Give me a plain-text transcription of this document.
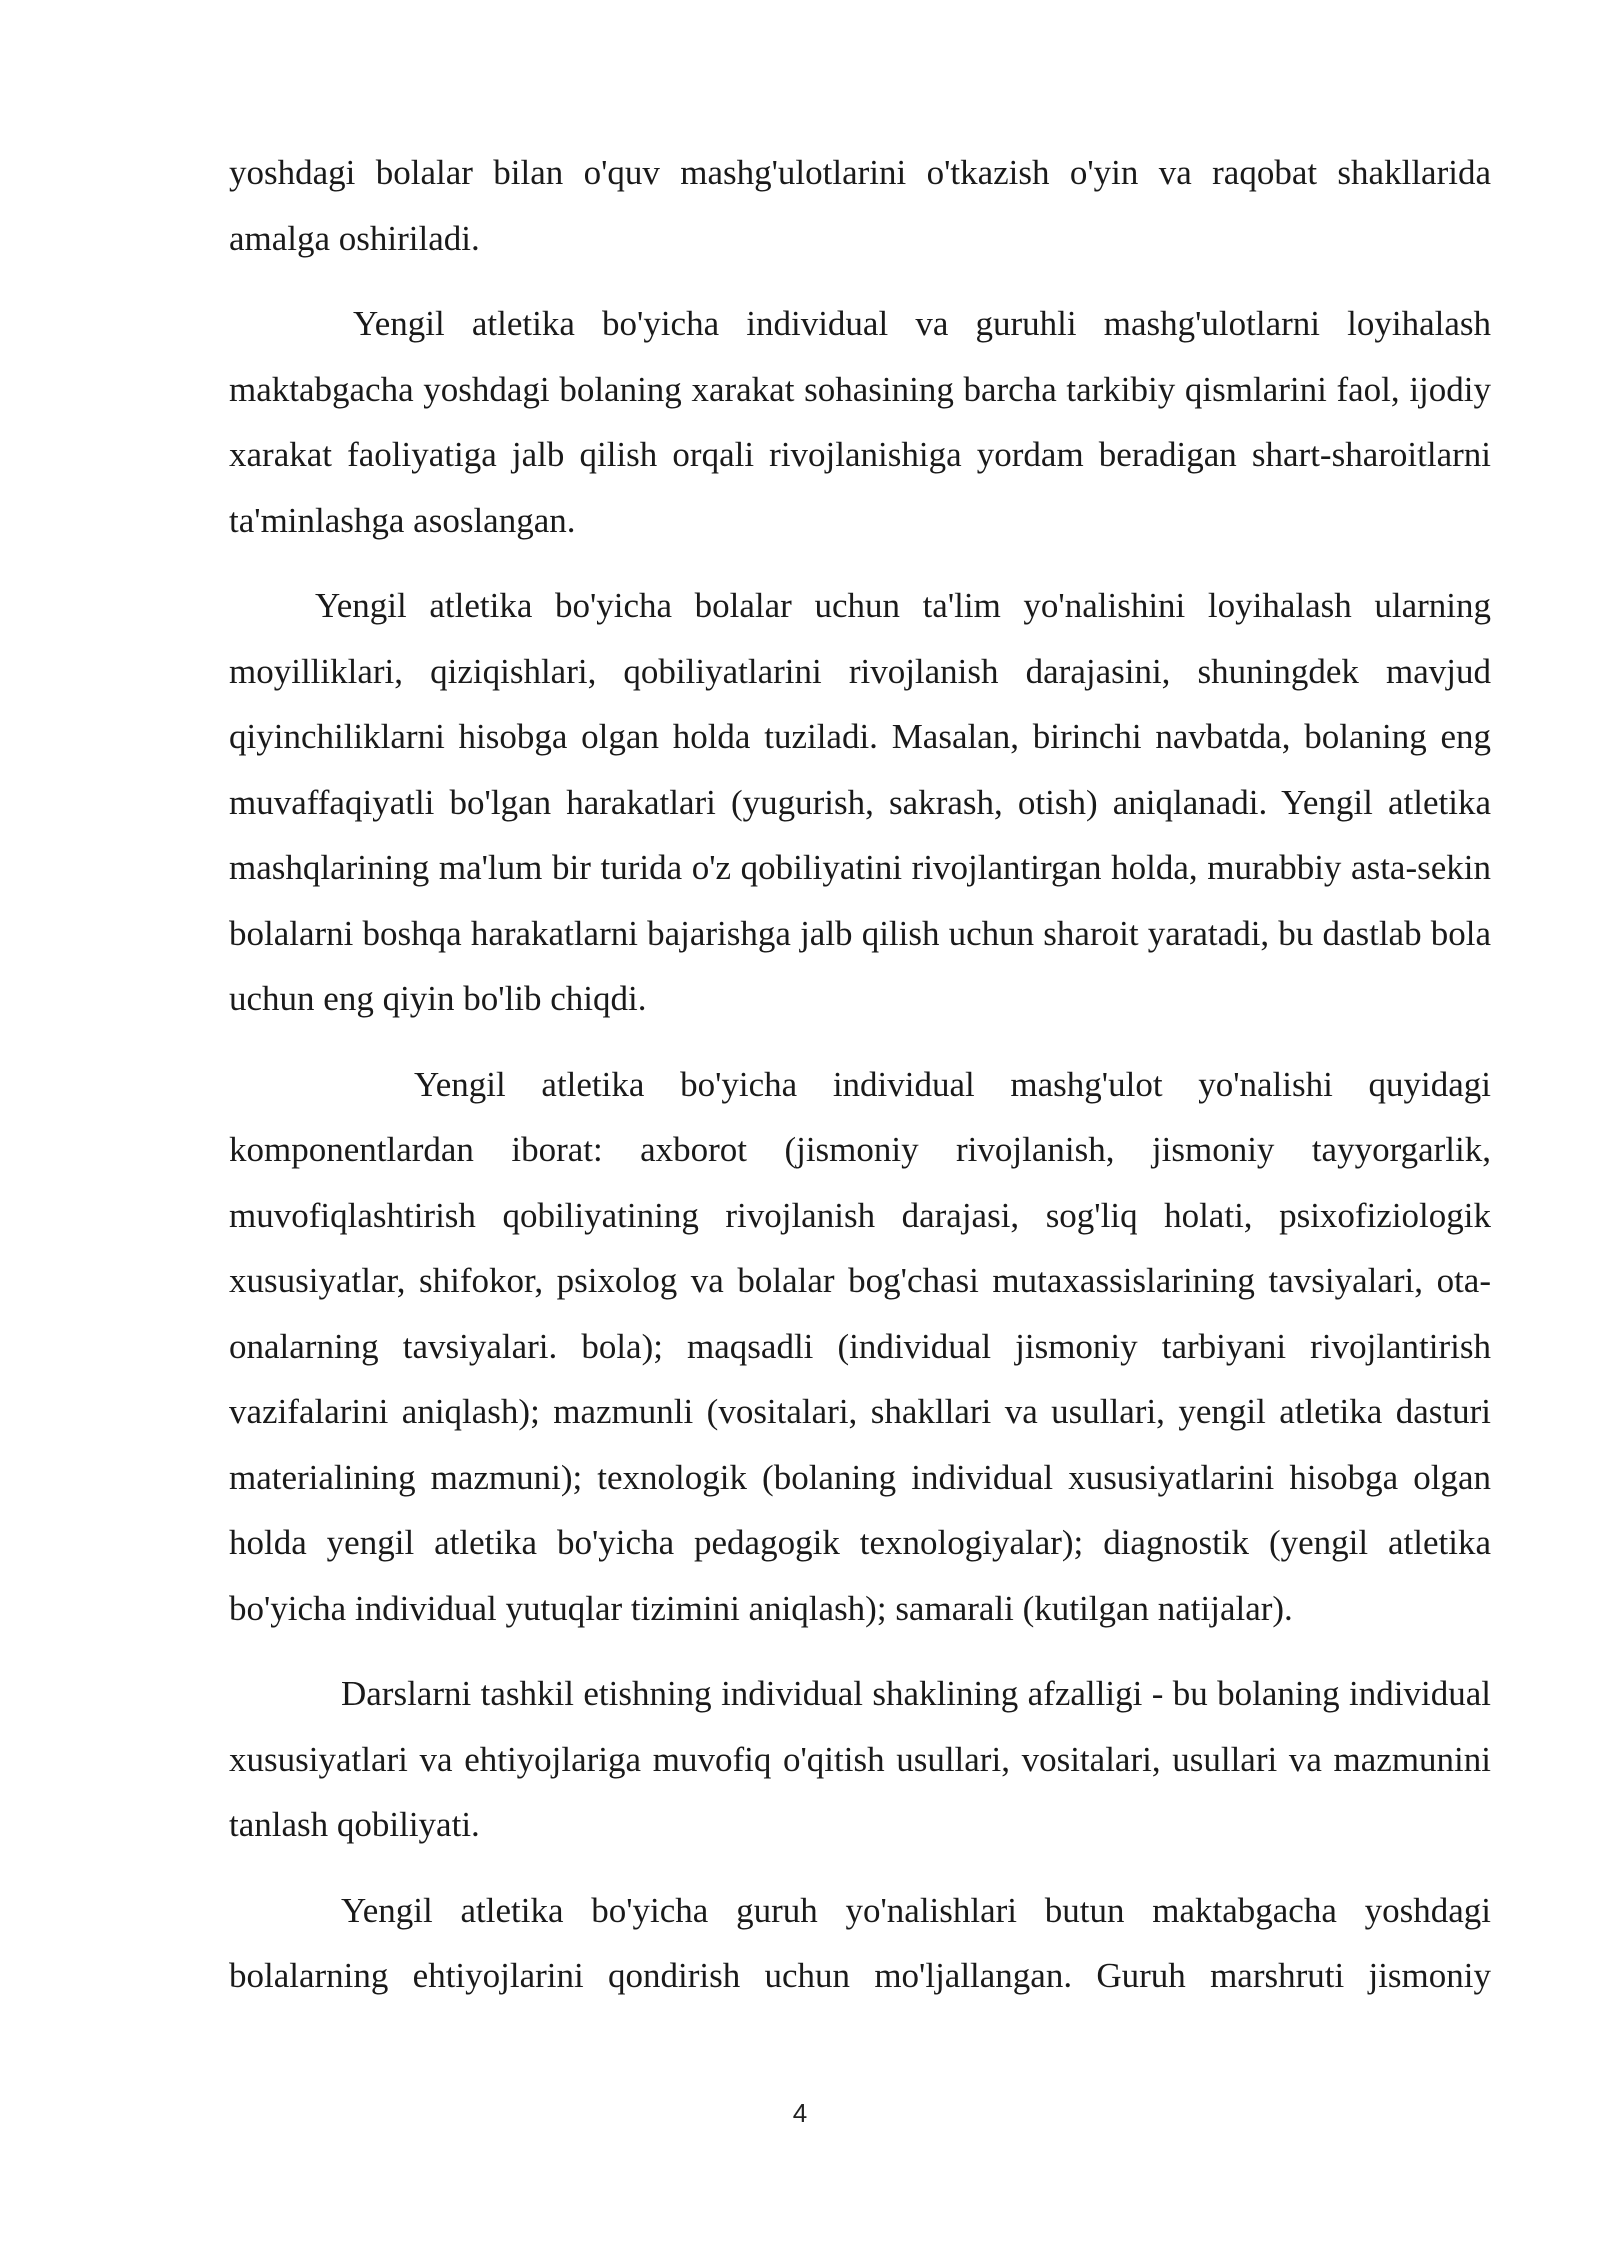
yoshdagi bolalar bilan o'quv mashg'ulotlarini o'tkazish o'yin va raqobat shakllarida amalga oshiriladi.

Yengil atletika bo'yicha individual va guruhli mashg'ulotlarni loyihalash maktabgacha yoshdagi bolaning xarakat sohasining barcha tarkibiy qismlarini faol, ijodiy xarakat faoliyatiga jalb qilish orqali rivojlanishiga yordam beradigan shart-sharoitlarni ta'minlashga asoslangan.

Yengil atletika bo'yicha bolalar uchun ta'lim yo'nalishini loyihalash ularning moyilliklari, qiziqishlari, qobiliyatlarini rivojlanish darajasini, shuningdek mavjud qiyinchiliklarni hisobga olgan holda tuziladi. Masalan, birinchi navbatda, bolaning eng muvaffaqiyatli bo'lgan harakatlari (yugurish, sakrash, otish) aniqlanadi. Yengil atletika mashqlarining ma'lum bir turida o'z qobiliyatini rivojlantirgan holda, murabbiy asta-sekin bolalarni boshqa harakatlarni bajarishga jalb qilish uchun sharoit yaratadi, bu dastlab bola uchun eng qiyin bo'lib chiqdi.

Yengil atletika bo'yicha individual mashg'ulot yo'nalishi quyidagi komponentlardan iborat: axborot (jismoniy rivojlanish, jismoniy tayyorgarlik, muvofiqlashtirish qobiliyatining rivojlanish darajasi, sog'liq holati, psixofiziologik xususiyatlar, shifokor, psixolog va bolalar bog'chasi mutaxassislarining tavsiyalari, ota-onalarning tavsiyalari. bola); maqsadli (individual jismoniy tarbiyani rivojlantirish vazifalarini aniqlash); mazmunli (vositalari, shakllari va usullari, yengil atletika dasturi materialining mazmuni); texnologik (bolaning individual xususiyatlarini hisobga olgan holda yengil atletika bo'yicha pedagogik texnologiyalar); diagnostik (yengil atletika bo'yicha individual yutuqlar tizimini aniqlash); samarali (kutilgan natijalar).

Darslarni tashkil etishning individual shaklining afzalligi - bu bolaning individual xususiyatlari va ehtiyojlariga muvofiq o'qitish usullari, vositalari, usullari va mazmunini tanlash qobiliyati.

Yengil atletika bo'yicha guruh yo'nalishlari butun maktabgacha yoshdagi bolalarning ehtiyojlarini qondirish uchun mo'ljallangan. Guruh marshruti jismoniy

4
